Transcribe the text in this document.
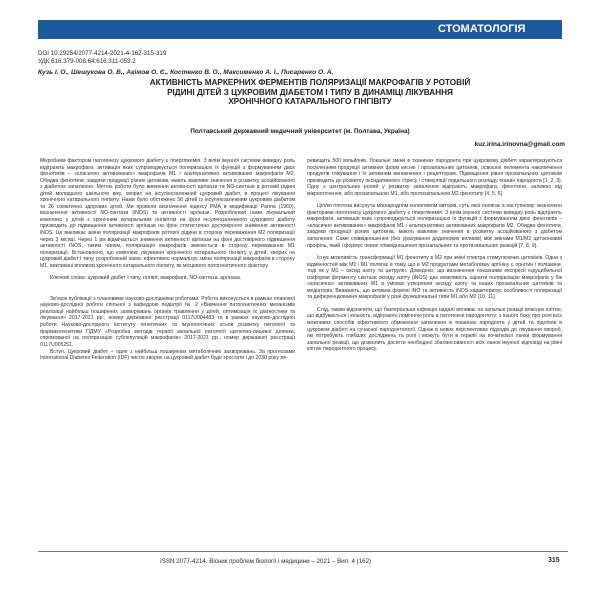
СТОМАТОЛОГІЯ
DOI 10.29254/2077-4214-2021-4-162-315-319
УДК 616.379-008.64:616.311-053.2
Кузь І. О., Шешукова О. В., Акімов О. Є., Костенко В. О., Максименко А. І., Писаренко О. А.
АКТИВНІСТЬ МАРКЕРНИХ ФЕРМЕНТІВ ПОЛЯРИЗАЦІЇ МАКРОФАГІВ У РОТОВІЙ
РІДИНІ ДІТЕЙ З ЦУКРОВИМ ДІАБЕТОМ І ТИПУ В ДИНАМІЦІ ЛІКУВАННЯ
ХРОНІЧНОГО КАТАРАЛЬНОГО ГІНГІВІТУ
Полтавський державний медичний університет (м. Полтава, Україна)
kuz.irina.irinovna@gmail.com

Мікробним фактором патогенезу цукрового діабету є гіперглікемія. З вілім імунної системи виведну роль відіграють макрофаги, активація яких супроводжується поляризацією їх функцій з формуванням двох фенотипів – «класично активованих» макрофагів М1 і альтернативно активованих макрофагів М2. Обидва фенотипи, завдяки продукції різних цитокінів, мають важливе значення в розвитку асоційованого з діабетом запалення. Метою роботи було вивчення активності аргінази та NO-синтази в ротовій рідині дітей молодшого шкільного віку, хворих на інсулінозалежний цукровий діабет, в процесі лікування хронічного катарального гінгівіту. Нами було обстежено 56 дітей із інсулінозалежним цукровим діабетом та 26 соматично здорових дітей. Ми провели визначення індексу РМА в модифікації Parma (1960), визначення активності NO-синтази (iNOS) та активності аргінази. Розроблений нами лікувальний комплекс у дітей з хронічним катаральним гінгівітом на фоні інсулінозалежного цукрового діабету призводить до підвищення активності аргінази на фоні статистично достовірного зниження активності iNOS. Це викликає зміни поляризації макрофагів ротової рідини в сторону переважання М2 поляризації через 3 місяці. Через 1 рік відмічається зниження активності аргінази на фоні достовірного підвищення активності iNOS, таким чином, поляризація макрофагів змінюється в сторону переважання М1 поляризації. Встановлено, що комплекс лікування хронічного катарального гінгівіту у дітей, хворих на цукровий діабет І типу, розроблений нами, ефективно нормалізує зміни поляризації макрофагів в сторону М1, викликані впливом хронічного катарального гінгівіту, як місцевого патогенетичного фактору.

Ключові слова: цукровий діабет І типу, гінгівіт, макрофаги, NO-синтаза, аргіназа.

Зв'язок публікації з плановими науково-дослідними роботами. Робота виконується в рамках планової науково-дослідної роботи спільної з кафедрою педіатрії № 2 «Вивчення патогенетичних механізмів реалізації найбільш поширених захворювань органів травлення у дітей, оптимізація їх діагностики та лікування» 2017-2021 рр., номер державної реєстрації 0117U004483 та в рамках науково-дослідної роботи Науково-дослідного інституту генетичних та імунологічних основ розвитку патології та фармакогенетики ПДМУ «Розробка методів терапії запальної патології щелепно-лицевої ділянки, спрямованої на поляризацію субпопуляцій макрофагів» 2017-2021 рр., номер державної реєстрації 0117U005251.

Вступ. Цукровий діабет – одне з найбільш поширених метаболічних захворювань. За прогнозами International Diabetes Federation (IDF) число хворих на цукровий діабет буде зростати і до 2030 року ле-

ревищить 500 мільйонів. Локальні зміни в тканинах пародонта при цукровому діабеті характеризуються посиленням продукції активних форм кисню і прозапальних цитокінів, освоєнні пелемента накопичення продуктів глікування і їх активним виникнення і рецепторам. Підвищення рівня прозапальних цитокінів призводить до розвитку оксидативного стресу і стимуляції подальшого розпаду тканин пародонта [1, 2, 3]. Одну з центральних ролей у розвитку запалення відіграють макрофаги, фенотипи, залежно від мікрооточення, або прозапальною М1, або протизапальною М2 фенотипу [4, 5, 6].

Ціллю гіпотеза висунута міжнародним колективом авторів, суть якої полягає в наступному: визначено факторами патогенезу цукрового діабету є гіперглікемія. З вілім імунної системи виведну роль відіграють макрофаги, активація яких супроводжується поляризацією їх функцій з формуванням двох фенотипів – «класично активованих» макрофагів М1 і альтернативно активованих макрофагів М2. Обидва фенотипи, завдяки продукції різних цитокінів, мають важливе значення в розвитку асоційованого з діабетом запалення. Саме співвідношення (без урахування додаткових впливів) між змінами М1/М2 цитокіновий профіль, який і формує певне співвідношення прозапальних та протизапальних реакцій [7, 8, 9].

Існує можливість трансформації М1 фенотипу в М2 при зміні спектра стимулюючих цитокінів. Одна з відмінностей між М2 і М1 полягає в тому, що в М2 продуктами метаболізму аргініну є орнітин і поліаміни, тоді як у М1 – оксид азоту та цитрулін. Доведено, що визначення показників експресії індуцибельної ізоформи ферменту синтази оксиду азоту (iNOS) дає можливість оцінити поляризацію макрофагів у бік «класично» активованих М1 в умовах утворення оксиду азоту та інших прозапальних цитокінів та медіаторів. Вважають, що активна фізичні iNO та активність iNOS характеризує особливості поляризації та диференціювання макрофагів у різні функціональні типи М1 або М2 [10, 11].

Слід, таким відзначити, що бактеріальна інфекція надалі впливає на запальні реакції власних клітин, що відбувається і кількість, відіграють помічною роль в патогенезі пародонтиту; з іншого боку про ролі всіх можливих способів ефективного обмеження запалення в тканинах пародонта у дітей та підлітків в цукровом діабеті на сучасної пародонтології. Однак в нових перспективах підходів до лікування хвороб, які потребують глибших досліджень та ролі і можуть бути в терапії на початкової ланки формування запальної реакції, що дозволить досягти необхідної збалансованості всіх ланок імунної відповіді на рівні клітин пародонтного процесу.

ISSN 2077-4214. Вісник проблем біології і медицини – 2021 – Вип. 4 (162)	315
